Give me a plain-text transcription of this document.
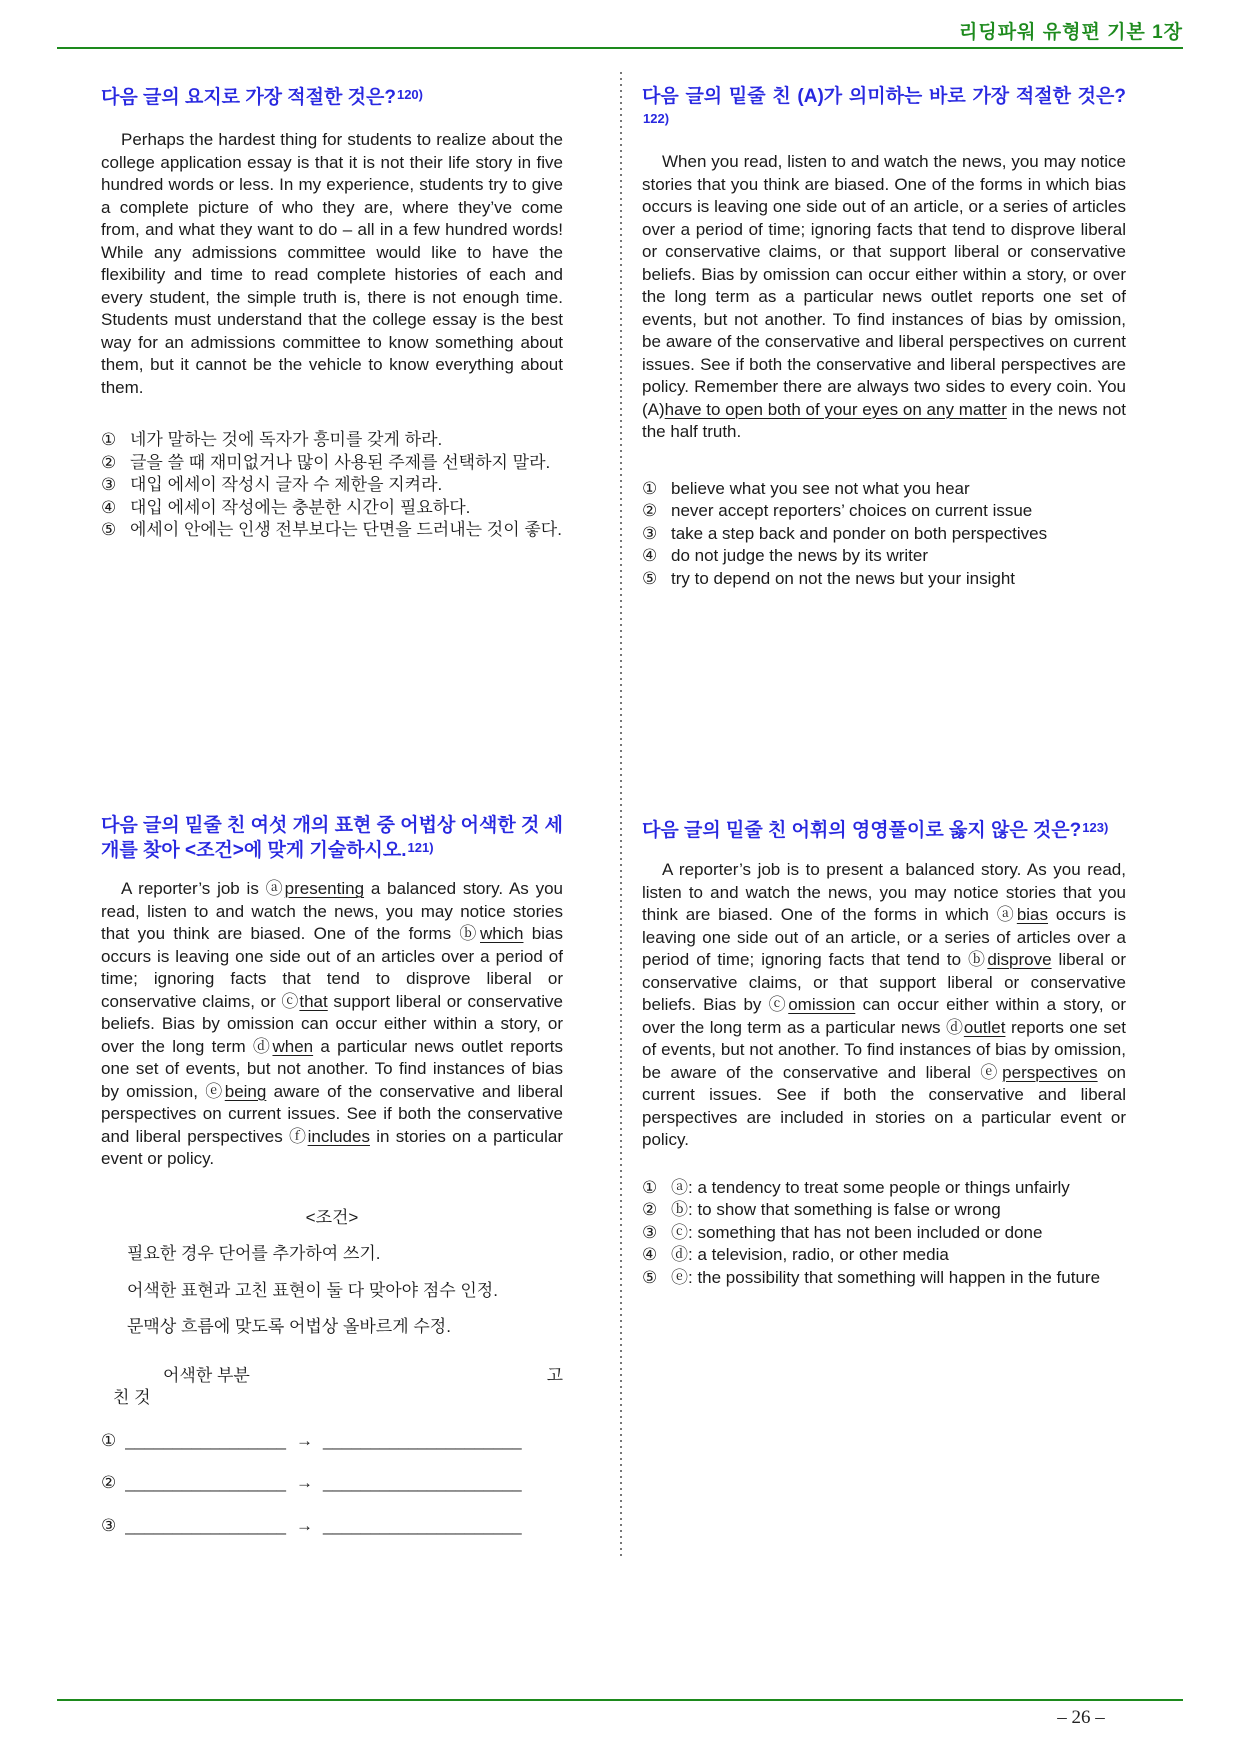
리딩파워 유형편 기본 1장
다음 글의 요지로 가장 적절한 것은?$^{120)}$

Perhaps the hardest thing for students to realize about the college application essay is that it is not their life story in five hundred words or less. In my experience, students try to give a complete picture of who they are, where they’ve come from, and what they want to do – all in a few hundred words! While any admissions committee would like to have the flexibility and time to read complete histories of each and every student, the simple truth is, there is not enough time. Students must understand that the college essay is the best way for an admissions committee to know something about them, but it cannot be the vehicle to know everything about them.

① 네가 말하는 것에 독자가 흥미를 갖게 하라.
② 글을 쓸 때 재미없거나 많이 사용된 주제를 선택하지 말라.
③ 대입 에세이 작성시 글자 수 제한을 지켜라.
④ 대입 에세이 작성에는 충분한 시간이 필요하다.
⑤ 에세이 안에는 인생 전부보다는 단면을 드러내는 것이 좋다.
다음 글의 밑줄 친 (A)가 의미하는 바로 가장 적절한 것은?$^{122)}$

When you read, listen to and watch the news, you may notice stories that you think are biased. One of the forms in which bias occurs is leaving one side out of an article, or a series of articles over a period of time; ignoring facts that tend to disprove liberal or conservative claims, or that support liberal or conservative beliefs. Bias by omission can occur either within a story, or over the long term as a particular news outlet reports one set of events, but not another. To find instances of bias by omission, be aware of the conservative and liberal perspectives on current issues. See if both the conservative and liberal perspectives are policy. Remember there are always two sides to every coin. You (A)have to open both of your eyes on any matter in the news not the half truth.

① believe what you see not what you hear
② never accept reporters’ choices on current issue
③ take a step back and ponder on both perspectives
④ do not judge the news by its writer
⑤ try to depend on not the news but your insight
다음 글의 밑줄 친 여섯 개의 표현 중 어법상 어색한 것 세 개를 찾아 <조건>에 맞게 기술하시오.$^{121)}$

A reporter’s job is ⓐpresenting a balanced story. As you read, listen to and watch the news, you may notice stories that you think are biased. One of the forms ⓑwhich bias occurs is leaving one side out of an articles over a period of time; ignoring facts that tend to disprove liberal or conservative claims, or ⓒthat support liberal or conservative beliefs. Bias by omission can occur either within a story, or over the long term ⓓwhen a particular news outlet reports one set of events, but not another. To find instances of bias by omission, ⓔbeing aware of the conservative and liberal perspectives on current issues. See if both the conservative and liberal perspectives ⓕincludes in stories on a particular event or policy.

<조건>

필요한 경우 단어를 추가하여 쓰기.

어색한 표현과 고친 표현이 둘 다 맞아야 점수 인정.

문맥상 흐름에 맞도록 어법상 올바르게 수정.

어색한 부분	고
친 것
① _________________ → _____________________
② _________________ → _____________________
③ _________________ → _____________________
다음 글의 밑줄 친 어휘의 영영풀이로 옳지 않은 것은?$^{123)}$

A reporter’s job is to present a balanced story. As you read, listen to and watch the news, you may notice stories that you think are biased. One of the forms in which ⓐbias occurs is leaving one side out of an article, or a series of articles over a period of time; ignoring facts that tend to ⓑdisprove liberal or conservative claims, or that support liberal or conservative beliefs. Bias by ⓒomission can occur either within a story, or over the long term as a particular news ⓓoutlet reports one set of events, but not another. To find instances of bias by omission, be aware of the conservative and liberal ⓔperspectives on current issues. See if both the conservative and liberal perspectives are included in stories on a particular event or policy.

① ⓐ: a tendency to treat some people or things unfairly
② ⓑ: to show that something is false or wrong
③ ⓒ: something that has not been included or done
④ ⓓ: a television, radio, or other media
⑤ ⓔ: the possibility that something will happen in the future
– 26 –
